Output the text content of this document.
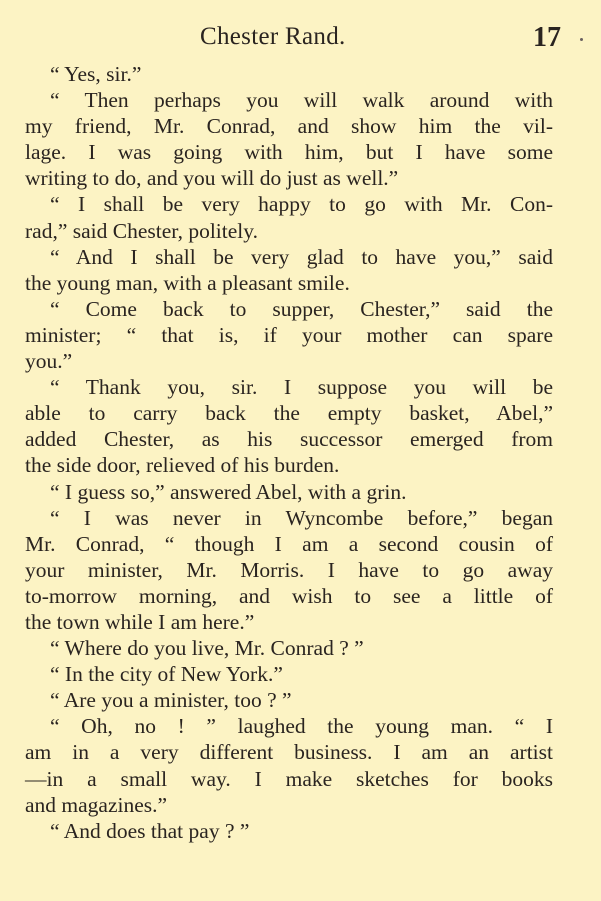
Chester Rand.	17
“ Yes, sir.”
“ Then perhaps you will walk around with
my friend, Mr. Conrad, and show him the vil-
lage. I was going with him, but I have some
writing to do, and you will do just as well.”
“ I shall be very happy to go with Mr. Con-
rad,” said Chester, politely.
“ And I shall be very glad to have you,” said
the young man, with a pleasant smile.
“ Come back to supper, Chester,” said the
minister; “ that is, if your mother can spare
you.”
“ Thank you, sir. I suppose you will be
able to carry back the empty basket, Abel,”
added Chester, as his successor emerged from
the side door, relieved of his burden.
“ I guess so,” answered Abel, with a grin.
“ I was never in Wyncombe before,” began
Mr. Conrad, “ though I am a second cousin of
your minister, Mr. Morris. I have to go away
to-morrow morning, and wish to see a little of
the town while I am here.”
“ Where do you live, Mr. Conrad ? ”
“ In the city of New York.”
“ Are you a minister, too ? ”
“ Oh, no ! ” laughed the young man. “ I
am in a very different business. I am an artist
—in a small way. I make sketches for books
and magazines.”
“ And does that pay ? ”
